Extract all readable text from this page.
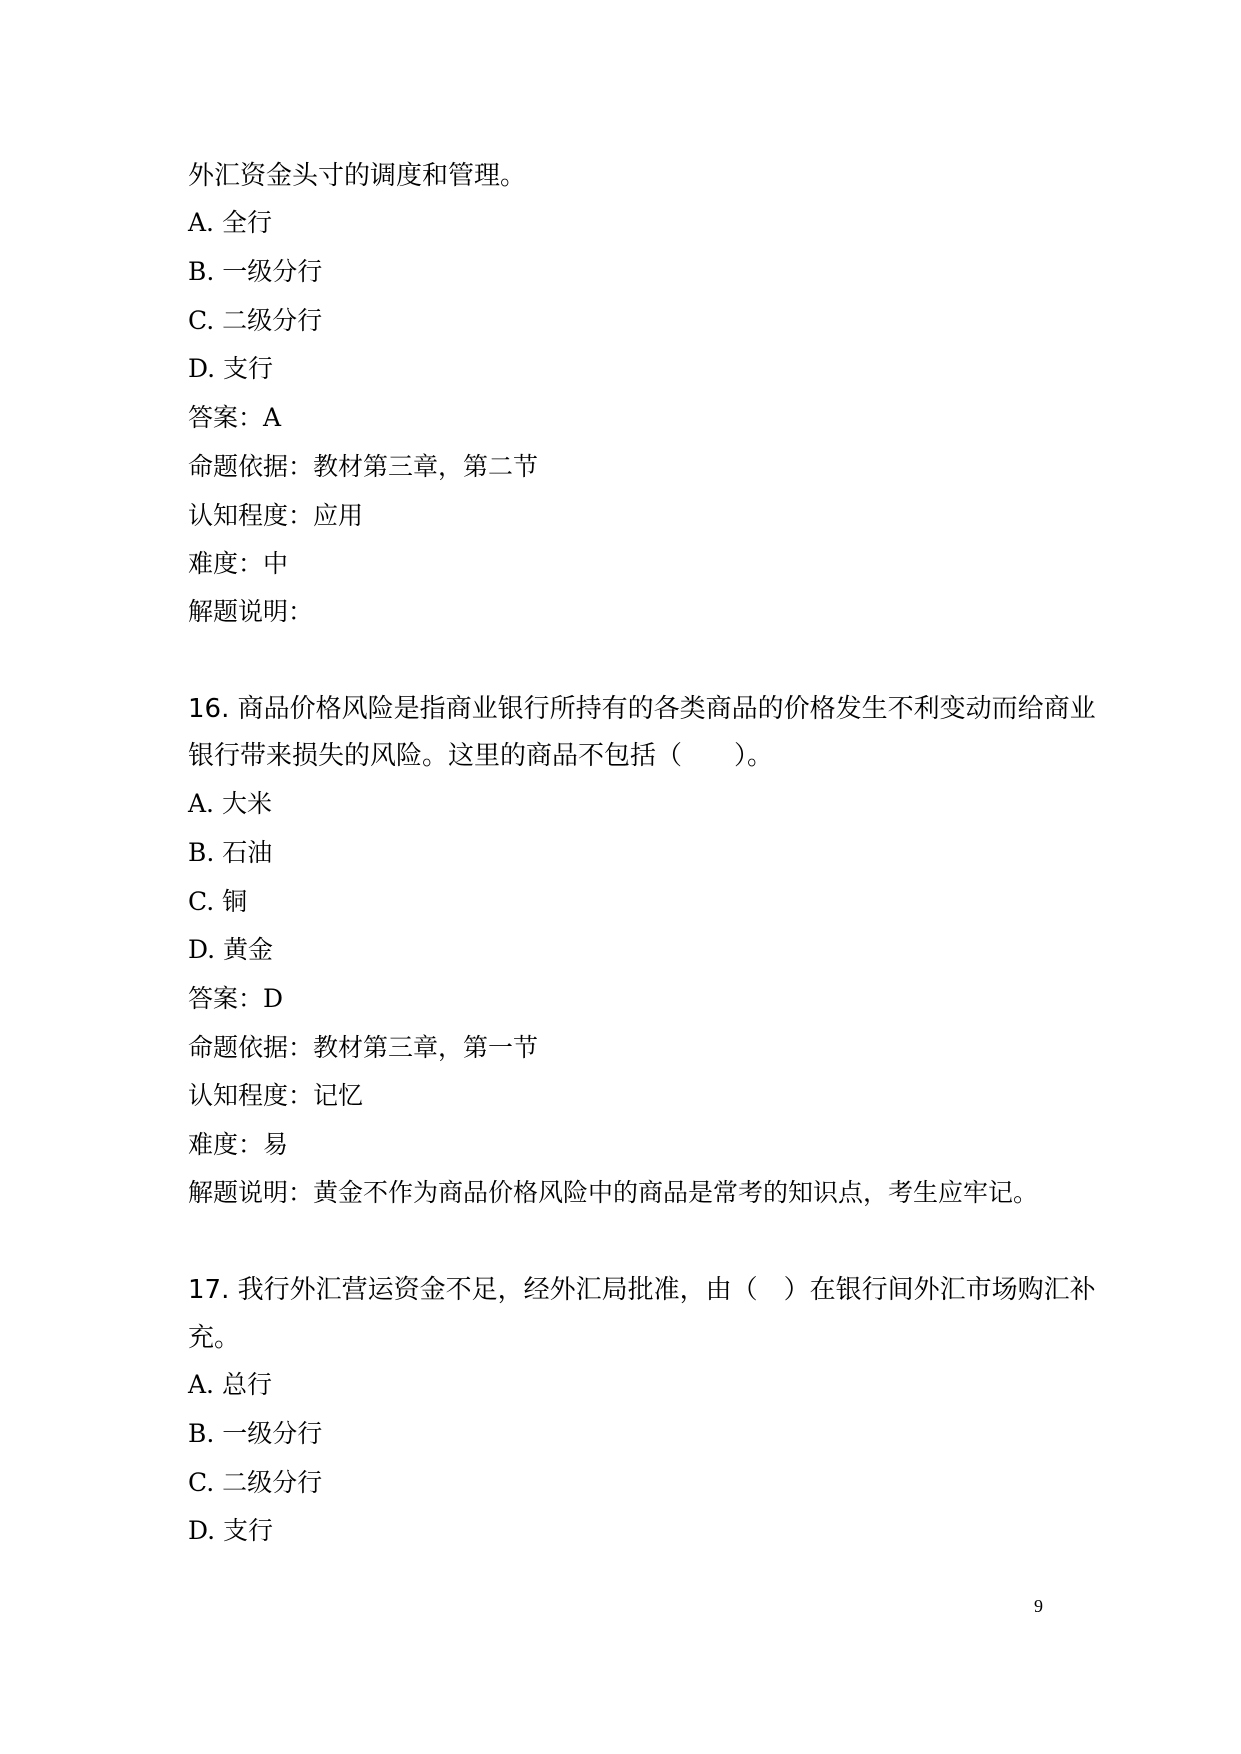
外汇资金头寸的调度和管理。
A. 全行
B. 一级分行
C. 二级分行
D. 支行
答案：A
命题依据：教材第三章，第二节
认知程度：应用
难度：中
解题说明：
16. 商品价格风险是指商业银行所持有的各类商品的价格发生不利变动而给商业
银行带来损失的风险。这里的商品不包括（　　）。
A. 大米
B. 石油
C. 铜
D. 黄金
答案：D
命题依据：教材第三章，第一节
认知程度：记忆
难度：易
解题说明：黄金不作为商品价格风险中的商品是常考的知识点，考生应牢记。
17. 我行外汇营运资金不足，经外汇局批准，由（　）在银行间外汇市场购汇补
充。
A. 总行
B. 一级分行
C. 二级分行
D. 支行
9
